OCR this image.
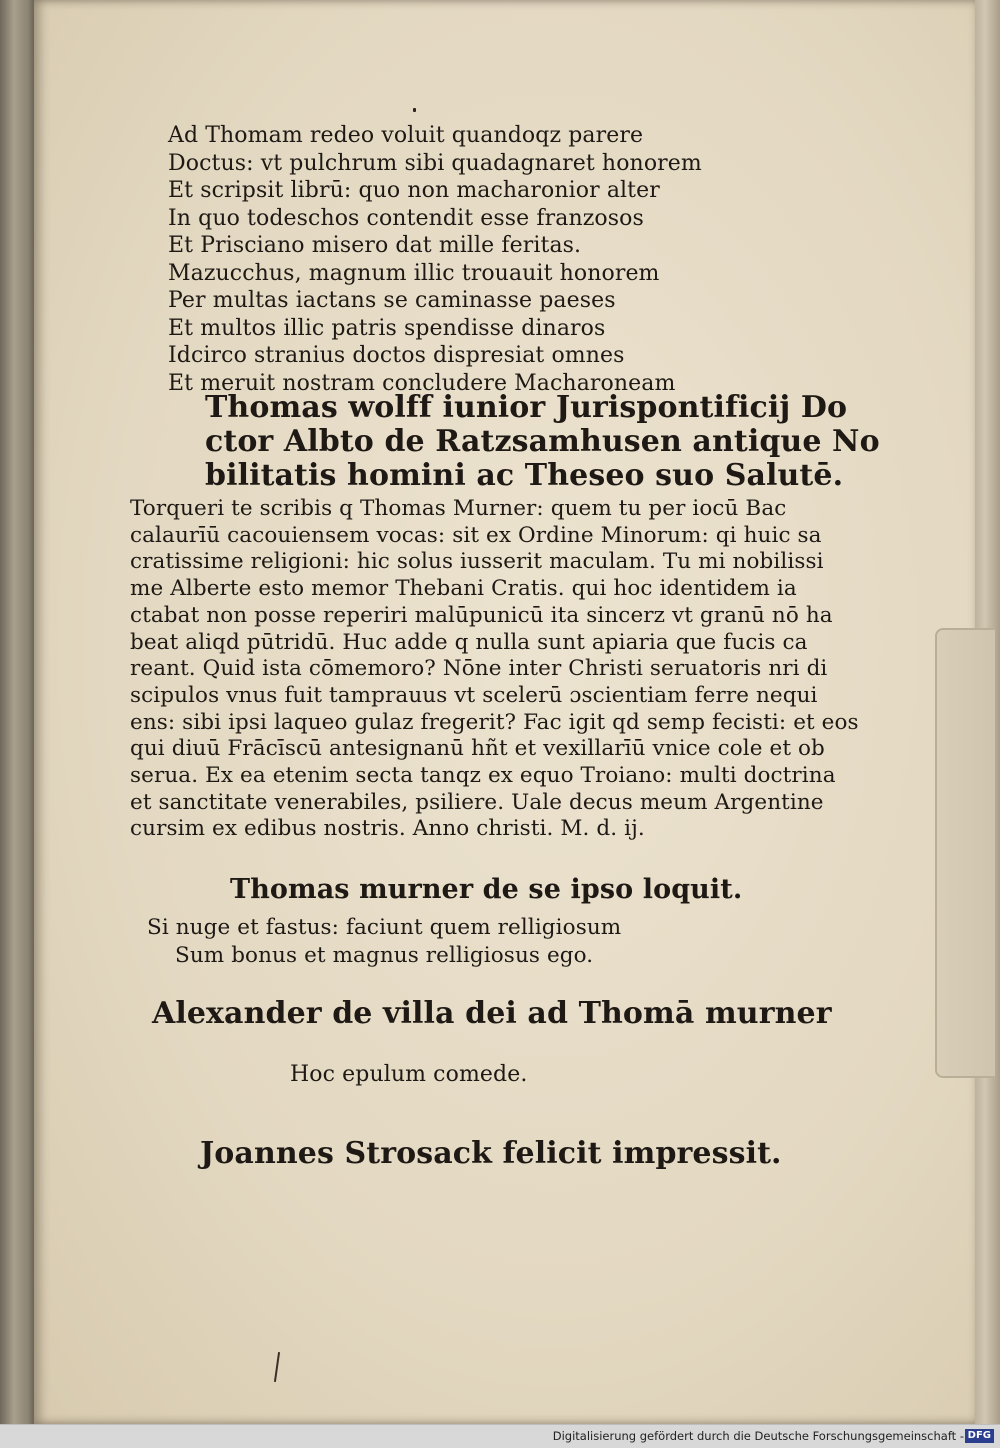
Ad Thomam redeo voluit quandoqz parere
Doctus: vt pulchrum sibi quadagnaret honorem
Et scripsit librū: quo non macharonior alter
In quo todeschos contendit esse franzosos
Et Prisciano misero dat mille feritas.
Mazucchus, magnum illic trouauit honorem
Per multas iactans se caminasse paeses
Et multos illic patris spendisse dinaros
Idcirco stranius doctos dispresiat omnes
Et meruit nostram concludere Macharoneam
Thomas wolff iunior Jurispontificij Do
ctor Albto de Ratzsamhusen antique No
bilitatis homini ac Theseo suo Salutē.
Torqueri te scribis q Thomas Murner: quem tu per iocū Bac
calaurīū cacouiensem vocas: sit ex Ordine Minorum: qi huic sa
cratissime religioni: hic solus iusserit maculam. Tu mi nobilissi
me Alberte esto memor Thebani Cratis. qui hoc identidem ia
ctabat non posse reperiri malūpunicū ita sincerz vt granū nō ha
beat aliqd pūtridū. Huc adde q nulla sunt apiaria que fucis ca
reant. Quid ista cōmemoro? Nōne inter Christi seruatoris nri di
scipulos vnus fuit tamprauus vt scelerū ɔscientiam ferre nequi
ens: sibi ipsi laqueo gulaz fregerit? Fac igit qd semp fecisti: et eos
qui diuū Frācīscū antesignanū hñt et vexillarīū vnice cole et ob
serua. Ex ea etenim secta tanqz ex equo Troiano: multi doctrina
et sanctitate venerabiles, psiliere. Uale decus meum Argentine
cursim ex edibus nostris. Anno christi. M. d. ij.
Thomas murner de se ipso loquit.
Si nuge et fastus: faciunt quem relligiosum
Sum bonus et magnus relligiosus ego.
Alexander de villa dei ad Thomā murner
Hoc epulum comede.
Joannes Strosack felicit impressit.
Digitalisierung gefördert durch die Deutsche Forschungsgemeinschaft - DFG
